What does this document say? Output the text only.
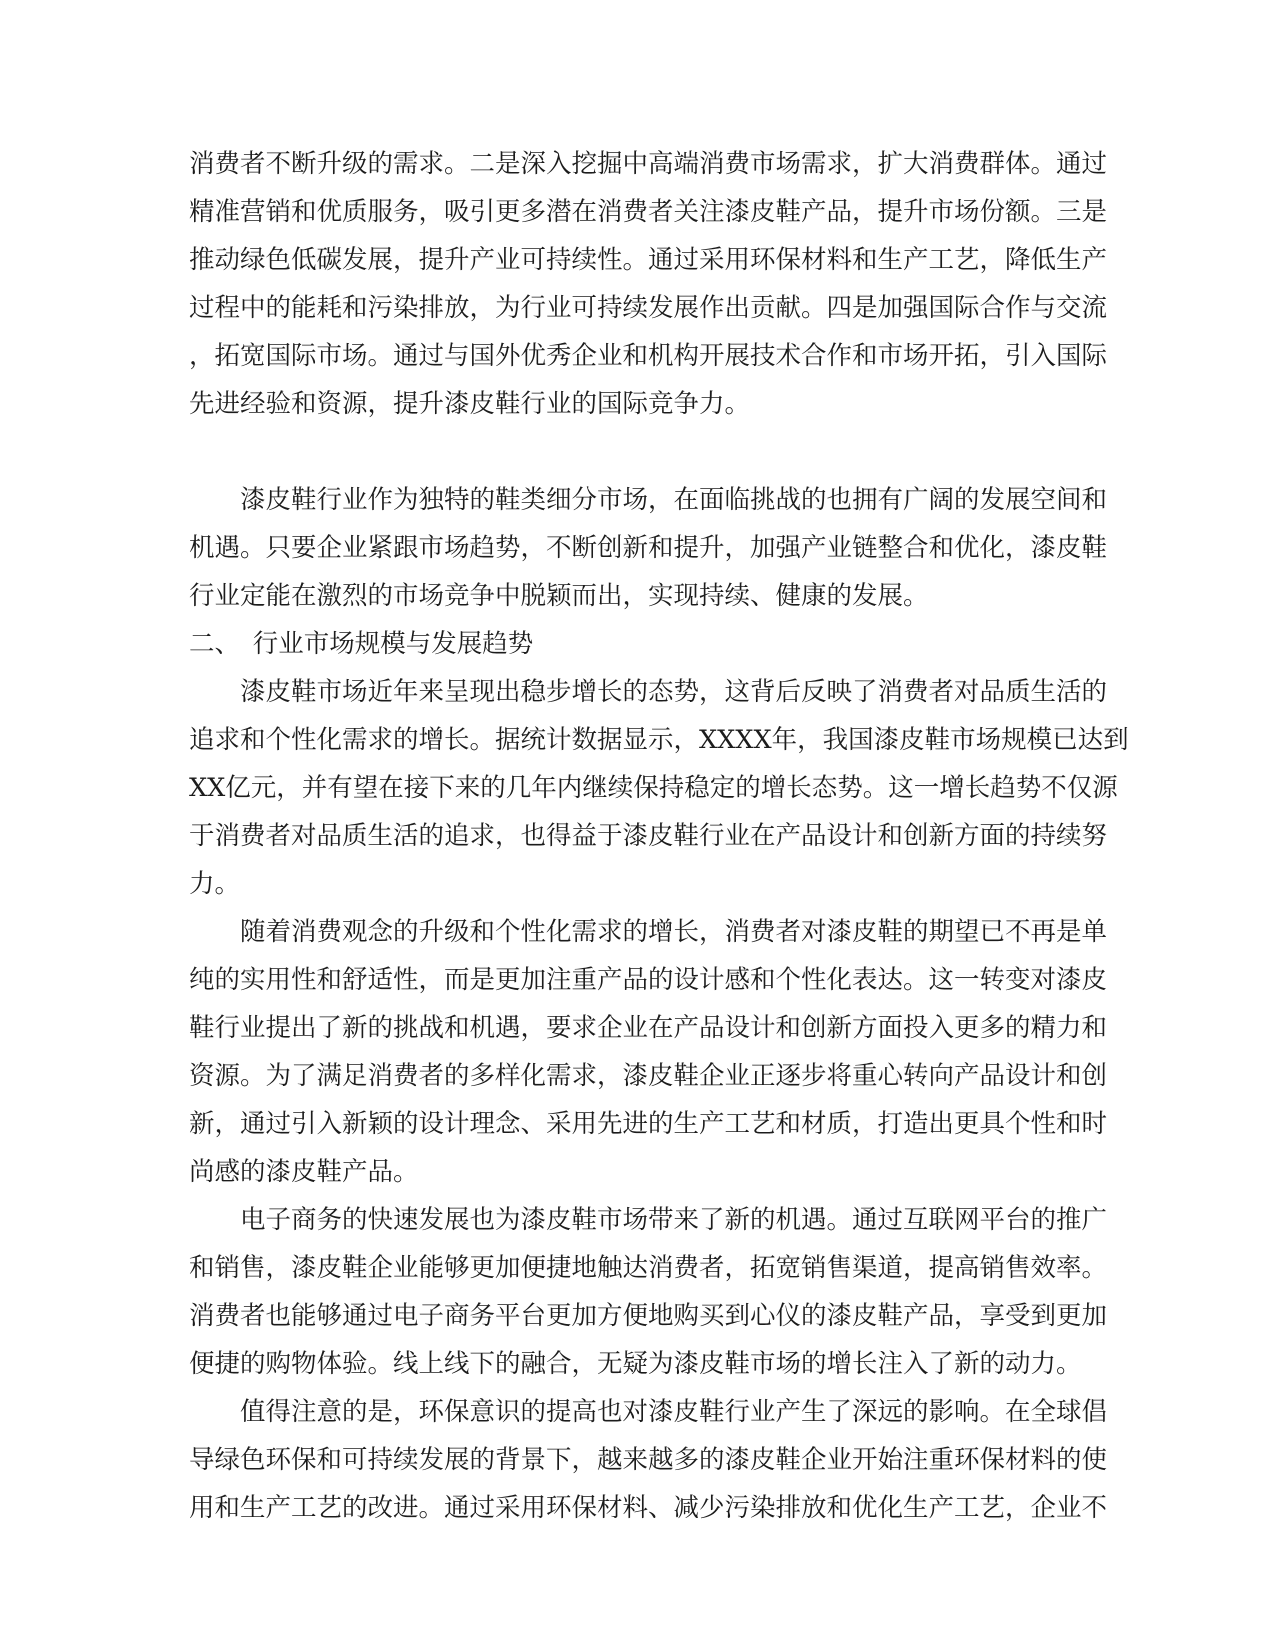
消费者不断升级的需求。二是深入挖掘中高端消费市场需求，扩大消费群体。通过
精准营销和优质服务，吸引更多潜在消费者关注漆皮鞋产品，提升市场份额。三是
推动绿色低碳发展，提升产业可持续性。通过采用环保材料和生产工艺，降低生产
过程中的能耗和污染排放，为行业可持续发展作出贡献。四是加强国际合作与交流
，拓宽国际市场。通过与国外优秀企业和机构开展技术合作和市场开拓，引入国际
先进经验和资源，提升漆皮鞋行业的国际竞争力。
　　漆皮鞋行业作为独特的鞋类细分市场，在面临挑战的也拥有广阔的发展空间和
机遇。只要企业紧跟市场趋势，不断创新和提升，加强产业链整合和优化，漆皮鞋
行业定能在激烈的市场竞争中脱颖而出，实现持续、健康的发展。
二、　行业市场规模与发展趋势
　　漆皮鞋市场近年来呈现出稳步增长的态势，这背后反映了消费者对品质生活的
追求和个性化需求的增长。据统计数据显示，XXXX年，我国漆皮鞋市场规模已达到
XX亿元，并有望在接下来的几年内继续保持稳定的增长态势。这一增长趋势不仅源
于消费者对品质生活的追求，也得益于漆皮鞋行业在产品设计和创新方面的持续努
力。
　　随着消费观念的升级和个性化需求的增长，消费者对漆皮鞋的期望已不再是单
纯的实用性和舒适性，而是更加注重产品的设计感和个性化表达。这一转变对漆皮
鞋行业提出了新的挑战和机遇，要求企业在产品设计和创新方面投入更多的精力和
资源。为了满足消费者的多样化需求，漆皮鞋企业正逐步将重心转向产品设计和创
新，通过引入新颖的设计理念、采用先进的生产工艺和材质，打造出更具个性和时
尚感的漆皮鞋产品。
　　电子商务的快速发展也为漆皮鞋市场带来了新的机遇。通过互联网平台的推广
和销售，漆皮鞋企业能够更加便捷地触达消费者，拓宽销售渠道，提高销售效率。
消费者也能够通过电子商务平台更加方便地购买到心仪的漆皮鞋产品，享受到更加
便捷的购物体验。线上线下的融合，无疑为漆皮鞋市场的增长注入了新的动力。
　　值得注意的是，环保意识的提高也对漆皮鞋行业产生了深远的影响。在全球倡
导绿色环保和可持续发展的背景下，越来越多的漆皮鞋企业开始注重环保材料的使
用和生产工艺的改进。通过采用环保材料、减少污染排放和优化生产工艺，企业不
